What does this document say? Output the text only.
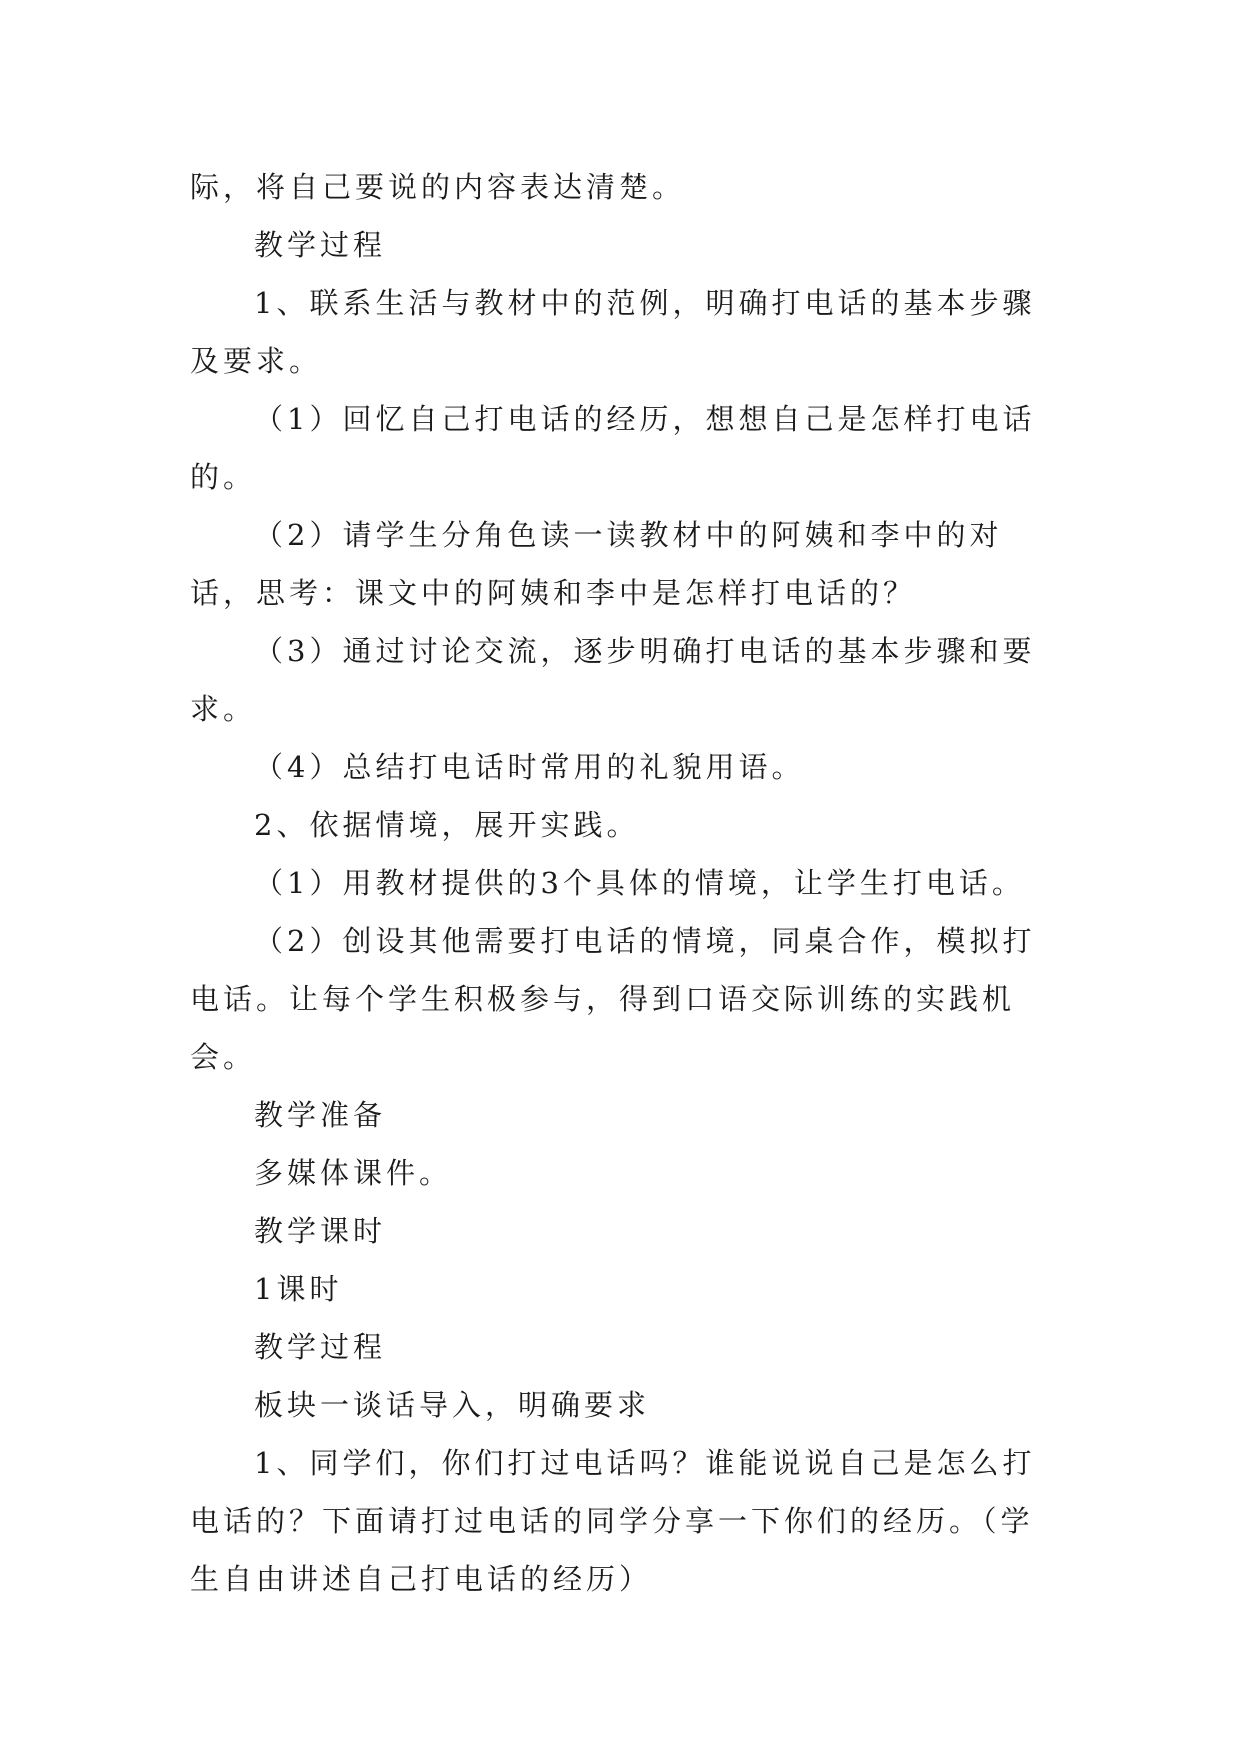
际，将自己要说的内容表达清楚。

教学过程

1、联系生活与教材中的范例，明确打电话的基本步骤及要求。

（1）回忆自己打电话的经历，想想自己是怎样打电话的。

（2）请学生分角色读一读教材中的阿姨和李中的对话，思考：课文中的阿姨和李中是怎样打电话的？

（3）通过讨论交流，逐步明确打电话的基本步骤和要求。

（4）总结打电话时常用的礼貌用语。

2、依据情境，展开实践。

（1）用教材提供的3个具体的情境，让学生打电话。

（2）创设其他需要打电话的情境，同桌合作，模拟打电话。让每个学生积极参与，得到口语交际训练的实践机会。

教学准备

多媒体课件。

教学课时

1课时

教学过程

板块一谈话导入，明确要求

1、同学们，你们打过电话吗？谁能说说自己是怎么打电话的？下面请打过电话的同学分享一下你们的经历。（学生自由讲述自己打电话的经历）
